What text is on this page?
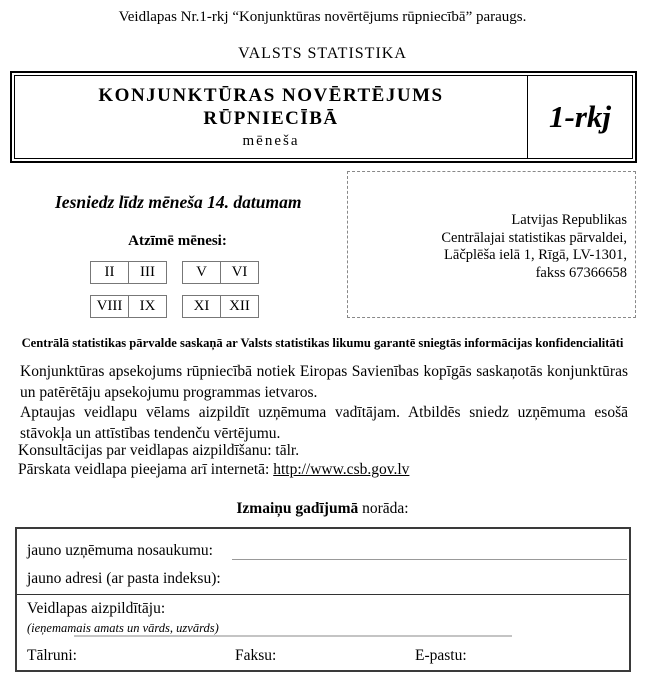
Veidlapas Nr.1-rkj “Konjunktūras novērtējums rūpniecībā” paraugs.
VALSTS STATISTIKA
KONJUNKTŪRAS NOVĒRTĒJUMS
RŪPNIECĪBĀ
mēneša
1-rkj
Iesniedz līdz mēneša 14. datumam
Atzīmē mēnesi:
II	III	V	VI
VIII	IX	XI	XII
Latvijas Republikas
Centrālajai statistikas pārvaldei,
Lāčplēša ielā 1, Rīgā, LV-1301,
fakss 67366658
Centrālā statistikas pārvalde saskaņā ar Valsts statistikas likumu garantē sniegtās informācijas konfidencialitāti

Konjunktūras apsekojums rūpniecībā notiek Eiropas Savienības kopīgās saskaņotās konjunktūras un patērētāju apsekojumu programmas ietvaros.

Aptaujas veidlapu vēlams aizpildīt uzņēmuma vadītājam. Atbildēs sniedz uzņēmuma esošā stāvokļa un attīstības tendenču vērtējumu.

Konsultācijas par veidlapas aizpildīšanu: tālr.
Pārskata veidlapa pieejama arī internetā: http://www.csb.gov.lv
Izmaiņu gadījumā norāda:
jauno uzņēmuma nosaukumu:
jauno adresi (ar pasta indeksu):
Veidlapas aizpildītāju:
(ieņemamais amats un vārds, uzvārds)
Tālruni:	Faksu:	E-pastu:
